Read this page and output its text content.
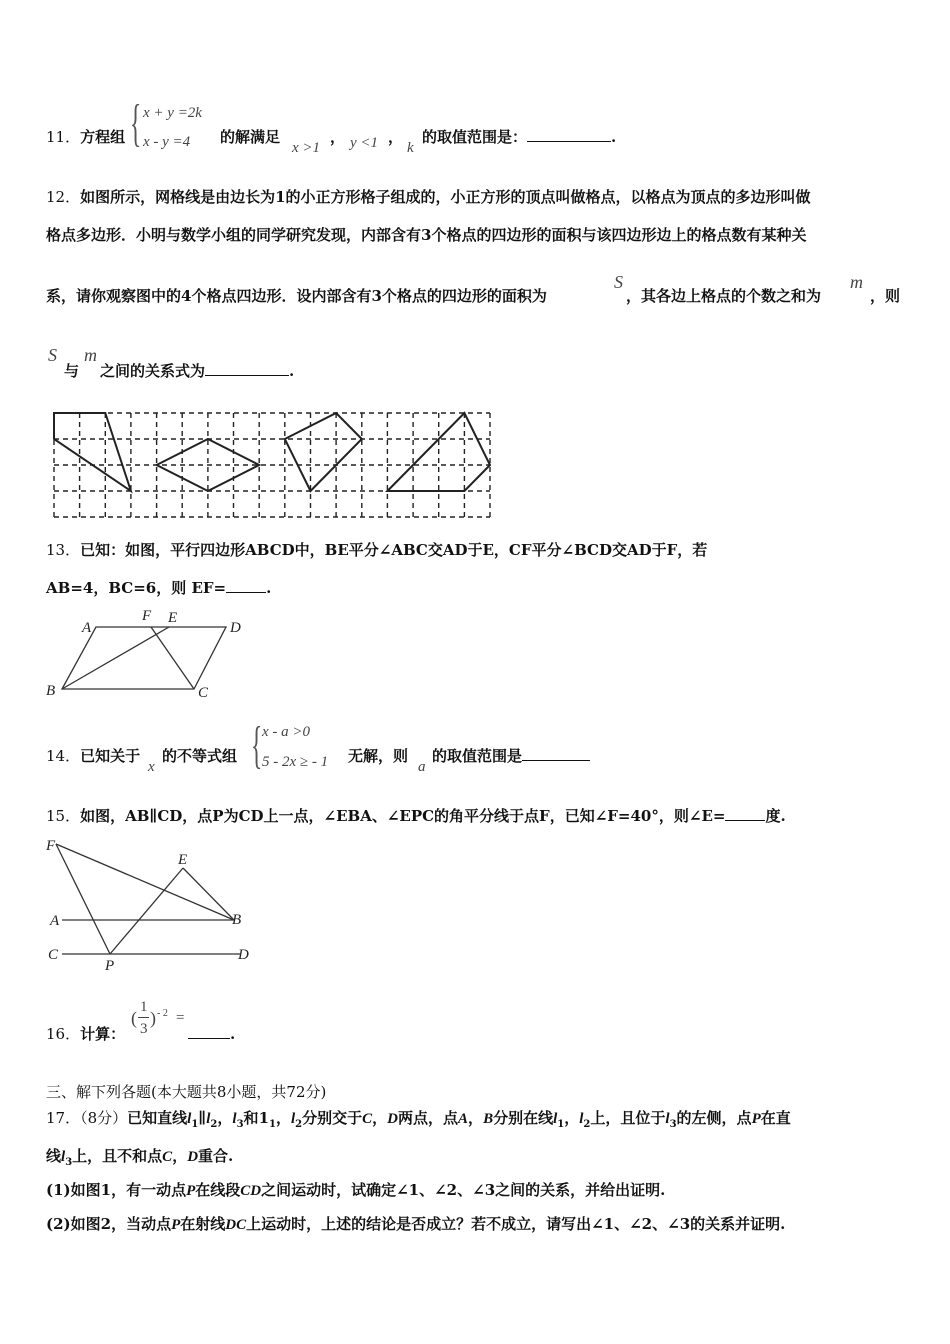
11．方程组 { x + y =2k
x - y =4 的解满足
x >1
， y <1 ，
k
的取值范围是：	.
12．如图所示，网格线是由边长为1的小正方形格子组成的，小正方形的顶点叫做格点，以格点为顶点的多边形叫做
格点多边形．小明与数学小组的同学研究发现，内部含有3个格点的四边形的面积与该四边形边上的格点数有某种关
系，请你观察图中的4个格点四边形．设内部含有3个格点的四边形的面积为
S
，其各边上格点的个数之和为
m
，则
S
与
m
之间的关系式为	.
13．已知：如图，平行四边形ABCD中，BE平分∠ABC交AD于E，CF平分∠BCD交AD于F，若
AB=4，BC=6，则 EF=	.
A
F E
D
B	C
14．已知关于
x
的不等式组 { x - a >0
5 - 2x ≥ - 1 无解，则
a
的取值范围是
15．如图，AB∥CD，点P为CD上一点，∠EBA、∠EPC的角平分线于点F，已知∠F=40°，则∠E=	度.
F
E
A	B
C
P
D
16．计算：
(
1
3
) - 2 =
.
三、解下列各题(本大题共8小题，共72分)
17．（8分）已知直线$l_1\parallel l_2$，$l_3$和$1_1$，$l_2$分别交于C，D两点，点A，B分别在线$l_1$，$l_2$上，且位于$l_3$的左侧，点P在直
线$l_3$上，且不和点C，D重合.
(1)如图1，有一动点P在线段CD之间运动时，试确定∠1、∠2、∠3之间的关系，并给出证明.
(2)如图2，当动点P在射线DC上运动时，上述的结论是否成立？若不成立，请写出∠1、∠2、∠3的关系并证明.
